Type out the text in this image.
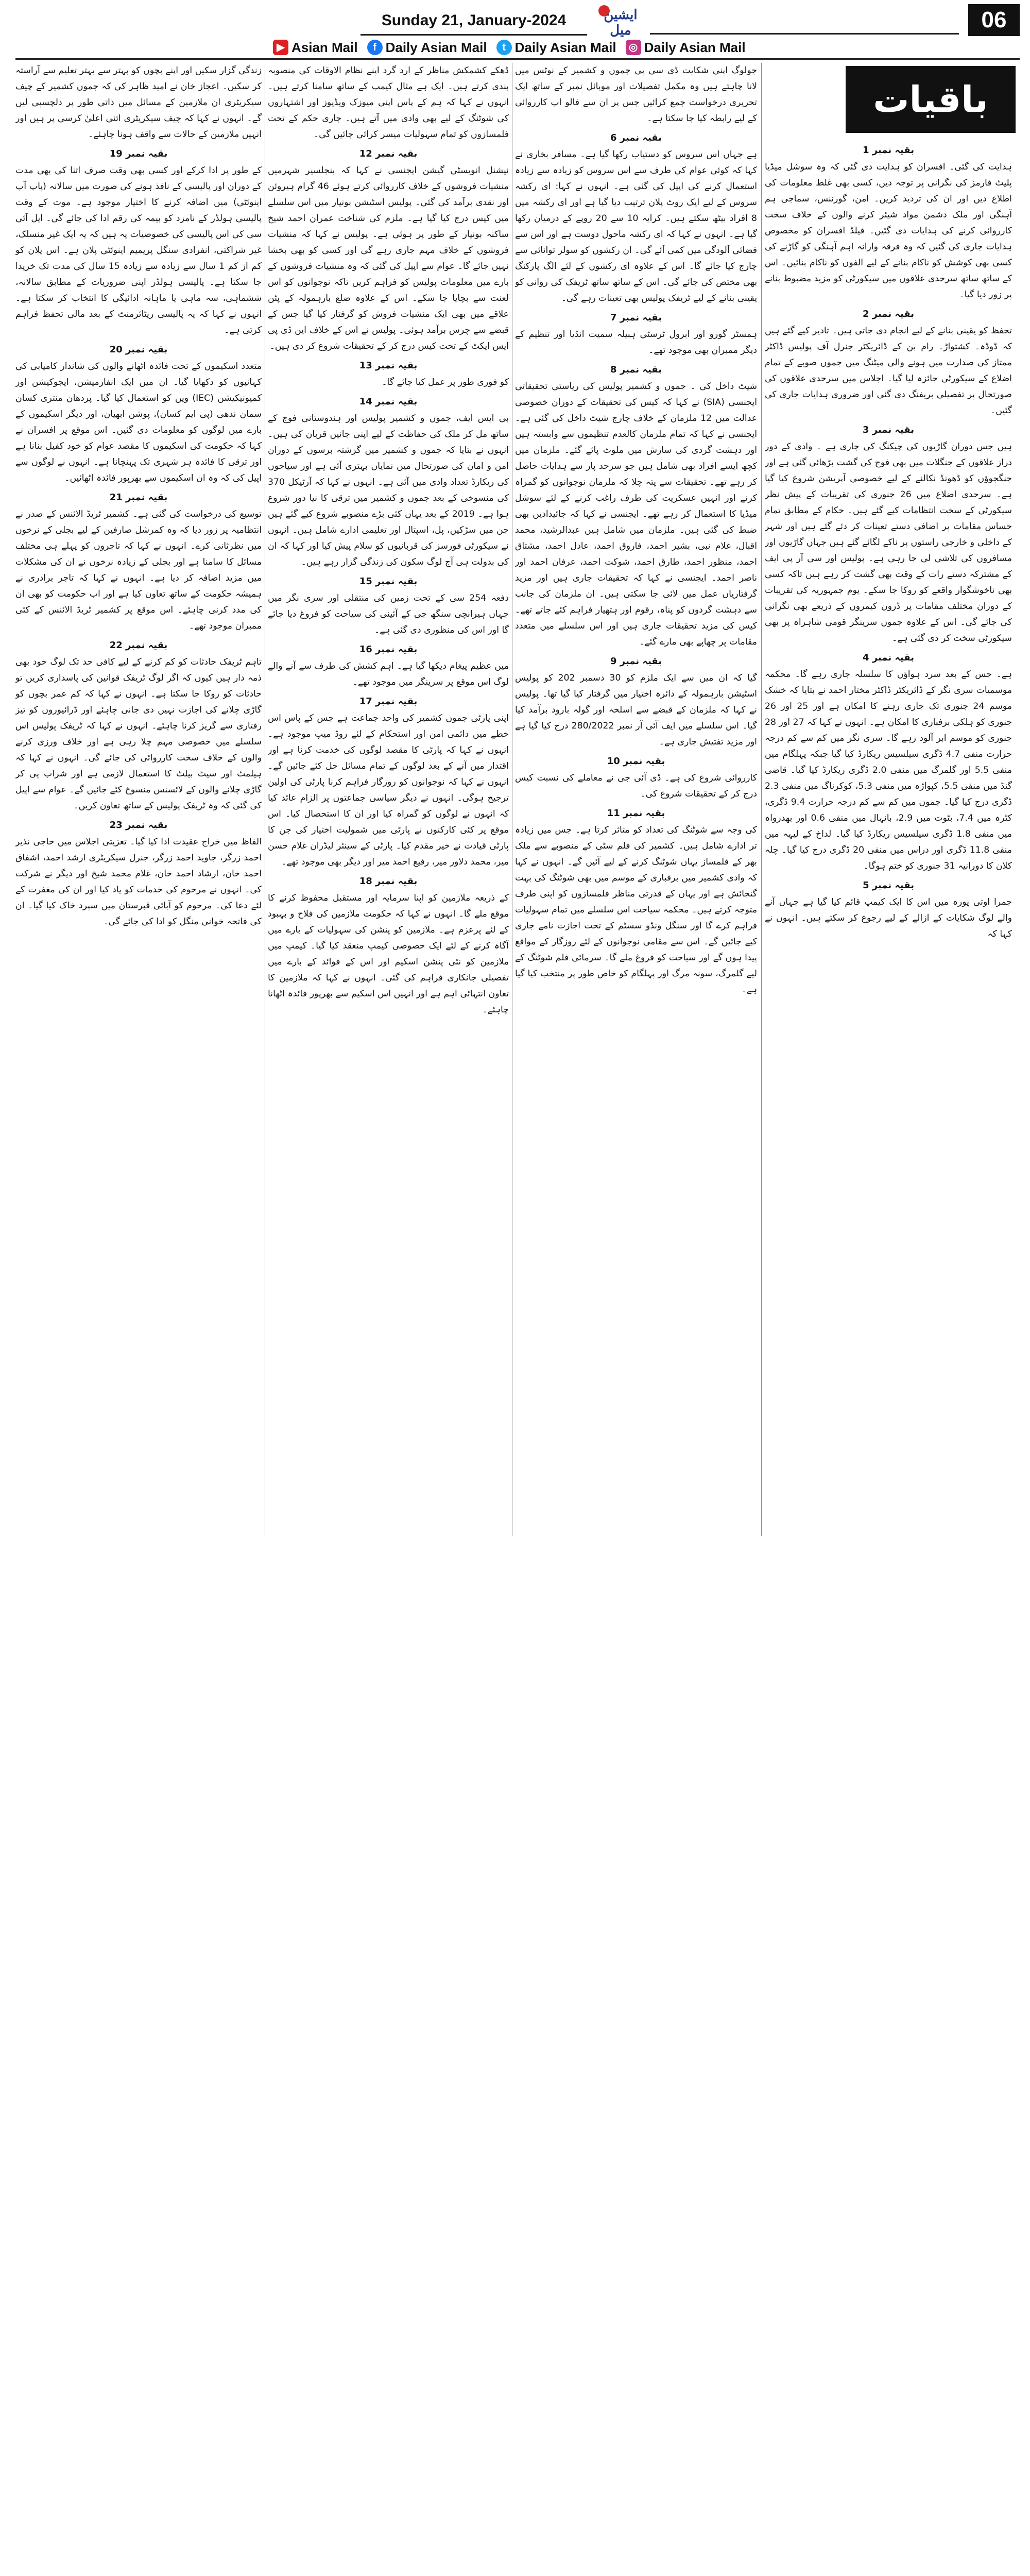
Sunday 21, January-2024	ایشین میل	06
▶ Asian Mail	f Daily Asian Mail	t Daily Asian Mail	◎ Daily Asian Mail
باقیات
بقیہ نمبر 1

ہدایت کی گئی۔ افسران کو ہدایت دی گئی کہ وہ سوشل میڈیا پلیٹ فارمز کی نگرانی پر توجہ دیں، کسی بھی غلط معلومات کی اطلاع دیں اور ان کی تردید کریں۔ امن، گورننس، سماجی ہم آہنگی اور ملک دشمن مواد شیئر کرنے والوں کے خلاف سخت کارروائی کرنے کی ہدایات دی گئیں۔ فیلڈ افسران کو مخصوص ہدایات جاری کی گئیں کہ وہ فرقہ وارانہ اہم آہنگی کو گاڑنے کی کسی بھی کوشش کو ناکام بنانے کے لیے الفوں کو ناکام بنائیں۔ اس کے ساتھ ساتھ سرحدی علاقوں میں سیکورٹی کو مزید مضبوط بنانے پر زور دیا گیا۔

بقیہ نمبر 2

تحفظ کو یقینی بنانے کے لیے انجام دی جاتی ہیں۔ تادیر کیے گئے ہیں کہ ڈوڈہ۔ کشتواڑ۔ رام بن کے ڈائریکٹر جنرل آف پولیس ڈاکٹر ممتاز کی صدارت میں ہونے والی میٹنگ میں جموں صوبے کے تمام اضلاع کے سیکورٹی جائزہ لیا گیا۔ اجلاس میں سرحدی علاقوں کی صورتحال پر تفصیلی بریفنگ دی گئی اور ضروری ہدایات جاری کی گئیں۔

بقیہ نمبر 3

ہیں جس دوران گاڑیوں کی چیکنگ کی جاری ہے ۔ وادی کے دور دراز علاقوں کے جنگلات میں بھی فوج کی گشت بڑھائی گئی ہے اور جنگجوؤں کو ڈھونڈ نکالنے کے لیے خصوصی آپریشن شروع کیا گیا ہے۔ سرحدی اضلاع میں 26 جنوری کی تقریبات کے پیش نظر سیکورٹی کے سخت انتظامات کیے گئے ہیں۔ حکام کے مطابق تمام حساس مقامات پر اضافی دستے تعینات کر دئے گئے ہیں اور شہر کے داخلی و خارجی راستوں پر ناکے لگائے گئے ہیں جہاں گاڑیوں اور مسافروں کی تلاشی لی جا رہی ہے۔ پولیس اور سی آر پی ایف کے مشترکہ دستے رات کے وقت بھی گشت کر رہے ہیں تاکہ کسی بھی ناخوشگوار واقعے کو روکا جا سکے۔ یوم جمہوریہ کی تقریبات کے دوران مختلف مقامات پر ڈرون کیمروں کے ذریعے بھی نگرانی کی جائے گی۔ اس کے علاوہ جموں سرینگر قومی شاہراہ پر بھی سیکورٹی سخت کر دی گئی ہے۔

بقیہ نمبر 4

ہے۔ جس کے بعد سرد ہواؤں کا سلسلہ جاری رہے گا۔ محکمہ موسمیات سری نگر کے ڈائریکٹر ڈاکٹر مختار احمد نے بتایا کہ خشک موسم 24 جنوری تک جاری رہنے کا امکان ہے اور 25 اور 26 جنوری کو ہلکی برفباری کا امکان ہے۔ انہوں نے کہا کہ 27 اور 28 جنوری کو موسم ابر آلود رہے گا۔ سری نگر میں کم سے کم درجہ حرارت منفی 4.7 ڈگری سیلسیس ریکارڈ کیا گیا جبکہ پہلگام میں منفی 5.5 اور گلمرگ میں منفی 2.0 ڈگری ریکارڈ کیا گیا۔ قاضی گنڈ میں منفی 5.5، کپواڑہ میں منفی 5.3، کوکرناگ میں منفی 2.3 ڈگری درج کیا گیا۔ جموں میں کم سے کم درجہ حرارت 9.4 ڈگری، کٹرہ میں 7.4، بٹوت میں 2.9، بانہال میں منفی 0.6 اور بھدرواہ میں منفی 1.8 ڈگری سیلسیس ریکارڈ کیا گیا۔ لداخ کے لیہہ میں منفی 11.8 ڈگری اور دراس میں منفی 20 ڈگری درج کیا گیا۔ چلہ کلان کا دورانیہ 31 جنوری کو ختم ہوگا۔

بقیہ نمبر 5

جمرا اوتی پورہ میں اس کا ایک کیمپ قائم کیا گیا ہے جہاں آنے والے لوگ شکایات کے ازالے کے لیے رجوع کر سکتے ہیں۔ انہوں نے کہا کہ

جولوگ اپنی شکایت ڈی سی پی جموں و کشمیر کے نوٹس میں لانا چاہتے ہیں وہ مکمل تفصیلات اور موبائل نمبر کے ساتھ ایک تحریری درخواست جمع کرائیں جس پر ان سے فالو اپ کارروائی کے لیے رابطہ کیا جا سکتا ہے۔

بقیہ نمبر 6

ہے جہاں اس سروس کو دستیاب رکھا گیا ہے۔ مسافر بخاری نے کہا کہ کوئی عوام کی طرف سے اس سروس کو زیادہ سے زیادہ استعمال کرنے کی اپیل کی گئی ہے۔ انہوں نے کہا: ای رکشہ سروس کے لیے ایک روٹ پلان ترتیب دیا گیا ہے اور ای رکشہ میں 8 افراد بیٹھ سکتے ہیں۔ کرایہ 10 سے 20 روپے کے درمیان رکھا گیا ہے۔ انہوں نے کہا کہ ای رکشہ ماحول دوست ہے اور اس سے فضائی آلودگی میں کمی آئے گی۔ ان رکشوں کو سولر توانائی سے چارج کیا جائے گا۔ اس کے علاوہ ای رکشوں کے لئے الگ پارکنگ بھی مختص کی جائے گی۔ اس کے ساتھ ساتھ ٹریفک کی روانی کو یقینی بنانے کے لیے ٹریفک پولیس بھی تعینات رہے گی۔

بقیہ نمبر 7

ہمسٹر گورو اور ابرول ٹرسٹی ہبیلہ سمیت انڈیا اور تنظیم کے دیگر ممبران بھی موجود تھے۔

بقیہ نمبر 8

شیٹ داخل کی ۔ جموں و کشمیر پولیس کی ریاستی تحقیقاتی ایجنسی (SIA) نے کہا کہ کیس کی تحقیقات کے دوران خصوصی عدالت میں 12 ملزمان کے خلاف چارج شیٹ داخل کی گئی ہے۔ ایجنسی نے کہا کہ تمام ملزمان کالعدم تنظیموں سے وابستہ ہیں اور دہشت گردی کی سازش میں ملوث پائے گئے۔ ملزمان میں کچھ ایسے افراد بھی شامل ہیں جو سرحد پار سے ہدایات حاصل کر رہے تھے۔ تحقیقات سے پتہ چلا کہ ملزمان نوجوانوں کو گمراہ کرنے اور انہیں عسکریت کی طرف راغب کرنے کے لئے سوشل میڈیا کا استعمال کر رہے تھے۔ ایجنسی نے کہا کہ جائیدادیں بھی ضبط کی گئی ہیں۔ ملزمان میں شامل ہیں عبدالرشید، محمد اقبال، غلام نبی، بشیر احمد، فاروق احمد، عادل احمد، مشتاق احمد، منظور احمد، طارق احمد، شوکت احمد، عرفان احمد اور ناصر احمد۔ ایجنسی نے کہا کہ تحقیقات جاری ہیں اور مزید گرفتاریاں عمل میں لائی جا سکتی ہیں۔ ان ملزمان کی جانب سے دہشت گردوں کو پناہ، رقوم اور ہتھیار فراہم کئے جاتے تھے۔ کیس کی مزید تحقیقات جاری ہیں اور اس سلسلے میں متعدد مقامات پر چھاپے بھی مارے گئے۔

بقیہ نمبر 9

گیا کہ ان میں سے ایک ملزم کو 30 دسمبر 202 کو پولیس اسٹیشن بارہمولہ کے دائرہ اختیار میں گرفتار کیا گیا تھا۔ پولیس نے کہا کہ ملزمان کے قبضے سے اسلحہ اور گولہ بارود برآمد کیا گیا۔ اس سلسلے میں ایف آئی آر نمبر 280/2022 درج کیا گیا ہے اور مزید تفتیش جاری ہے۔

بقیہ نمبر 10

کارروائی شروع کی ہے۔ ڈی آئی جی نے معاملے کی نسبت کیس درج کر کے تحقیقات شروع کی۔

بقیہ نمبر 11

کی وجہ سے شوٹنگ کی تعداد کو متاثر کرتا ہے۔ جس میں زیادہ تر ادارے شامل ہیں۔ کشمیر کی فلم سٹی کے منصوبے سے ملک بھر کے فلمساز یہاں شوٹنگ کرنے کے لیے آئیں گے۔ انہوں نے کہا کہ وادی کشمیر میں برفباری کے موسم میں بھی شوٹنگ کی بہت گنجائش ہے اور یہاں کے قدرتی مناظر فلمسازوں کو اپنی طرف متوجہ کرتے ہیں۔ محکمہ سیاحت اس سلسلے میں تمام سہولیات فراہم کرے گا اور سنگل ونڈو سسٹم کے تحت اجازت نامے جاری کیے جائیں گے۔ اس سے مقامی نوجوانوں کے لئے روزگار کے مواقع پیدا ہوں گے اور سیاحت کو فروغ ملے گا۔ سرمائی فلم شوٹنگ کے لیے گلمرگ، سونہ مرگ اور پہلگام کو خاص طور پر منتخب کیا گیا ہے۔

ڈھکے کشمکش مناظر کے ارد گرد اپنے نظام الاوقات کی منصوبہ بندی کرتے ہیں۔ ایک ہے مثال کیمپ کے ساتھ سامنا کرتے ہیں۔ انہوں نے کہا کہ ہم کے پاس اپنی میوزک ویڈیوز اور اشتہاروں کی شوٹنگ کے لیے بھی وادی میں آتے ہیں۔ جاری حکم کے تحت فلمسازوں کو تمام سہولیات میسر کرائی جائیں گی۔

بقیہ نمبر 12

نیشنل انویسٹی گیشن ایجنسی نے کہا کہ بنجلسیر شہرمیں منشیات فروشوں کے خلاف کارروائی کرتے ہوئے 46 گرام ہیروئن اور نقدی برآمد کی گئی۔ پولیس اسٹیشن بونیار میں اس سلسلے میں کیس درج کیا گیا ہے۔ ملزم کی شناخت عمران احمد شیخ ساکنہ بونیار کے طور پر ہوئی ہے۔ پولیس نے کہا کہ منشیات فروشوں کے خلاف مہم جاری رہے گی اور کسی کو بھی بخشا نہیں جائے گا۔ عوام سے اپیل کی گئی کہ وہ منشیات فروشوں کے بارے میں معلومات پولیس کو فراہم کریں تاکہ نوجوانوں کو اس لعنت سے بچایا جا سکے۔ اس کے علاوہ ضلع بارہمولہ کے پٹن علاقے میں بھی ایک منشیات فروش کو گرفتار کیا گیا جس کے قبضے سے چرس برآمد ہوئی۔ پولیس نے اس کے خلاف این ڈی پی ایس ایکٹ کے تحت کیس درج کر کے تحقیقات شروع کر دی ہیں۔

بقیہ نمبر 13

کو فوری طور پر عمل کیا جائے گا۔

بقیہ نمبر 14

بی ایس ایف، جموں و کشمیر پولیس اور ہندوستانی فوج کے ساتھ مل کر ملک کی حفاظت کے لیے اپنی جانیں قربان کی ہیں۔ انہوں نے بتایا کہ جموں و کشمیر میں گزشتہ برسوں کے دوران امن و امان کی صورتحال میں نمایاں بہتری آئی ہے اور سیاحوں کی ریکارڈ تعداد وادی میں آئی ہے۔ انہوں نے کہا کہ آرٹیکل 370 کی منسوخی کے بعد جموں و کشمیر میں ترقی کا نیا دور شروع ہوا ہے۔ 2019 کے بعد یہاں کئی بڑے منصوبے شروع کیے گئے ہیں جن میں سڑکیں، پل، اسپتال اور تعلیمی ادارے شامل ہیں۔ انہوں نے سیکورٹی فورسز کی قربانیوں کو سلام پیش کیا اور کہا کہ ان کی بدولت ہی آج لوگ سکون کی زندگی گزار رہے ہیں۔

بقیہ نمبر 15

دفعہ 254 سی کے تحت زمین کی منتقلی اور سری نگر میں جہاں ہیرانچی سنگھ جی کے آئینی کی سیاحت کو فروغ دیا جائے گا اور اس کی منظوری دی گئی ہے۔

بقیہ نمبر 16

میں عظیم پیغام دیکھا گیا ہے۔ اہم کشش کی طرف سے آنے والے لوگ اس موقع پر سرینگر میں موجود تھے۔

بقیہ نمبر 17

اپنی پارٹی جموں کشمیر کی واحد جماعت ہے جس کے پاس اس خطے میں دائمی امن اور استحکام کے لئے روڈ میپ موجود ہے۔ انہوں نے کہا کہ پارٹی کا مقصد لوگوں کی خدمت کرنا ہے اور اقتدار میں آنے کے بعد لوگوں کے تمام مسائل حل کئے جائیں گے۔ انہوں نے کہا کہ نوجوانوں کو روزگار فراہم کرنا پارٹی کی اولین ترجیح ہوگی۔ انہوں نے دیگر سیاسی جماعتوں پر الزام عائد کیا کہ انہوں نے لوگوں کو گمراہ کیا اور ان کا استحصال کیا۔ اس موقع پر کئی کارکنوں نے پارٹی میں شمولیت اختیار کی جن کا پارٹی قیادت نے خیر مقدم کیا۔ پارٹی کے سینئر لیڈران غلام حسن میر، محمد دلاور میر، رفیع احمد میر اور دیگر بھی موجود تھے۔

بقیہ نمبر 18

کے ذریعہ ملازمین کو اپنا سرمایہ اور مستقبل محفوظ کرنے کا موقع ملے گا۔ انہوں نے کہا کہ حکومت ملازمین کی فلاح و بہبود کے لئے پرعزم ہے۔ ملازمین کو پنشن کی سہولیات کے بارے میں آگاہ کرنے کے لئے ایک خصوصی کیمپ منعقد کیا گیا۔ کیمپ میں ملازمین کو نئی پنشن اسکیم اور اس کے فوائد کے بارے میں تفصیلی جانکاری فراہم کی گئی۔ انہوں نے کہا کہ ملازمین کا تعاون انتہائی اہم ہے اور انہیں اس اسکیم سے بھرپور فائدہ اٹھانا چاہئے۔

زندگی گزار سکیں اور اپنے بچوں کو بہتر سے بہتر تعلیم سے آراستہ کر سکیں۔ اعجاز خان نے امید ظاہر کی کہ جموں کشمیر کے چیف سیکریٹری ان ملازمین کے مسائل میں ذاتی طور پر دلچسپی لیں گے۔ انہوں نے کہا کہ چیف سیکریٹری اتنی اعلیٰ کرسی پر ہیں اور انہیں ملازمین کے حالات سے واقف ہونا چاہئے۔

بقیہ نمبر 19

کے طور پر ادا کرکے اور کسی بھی وقت صرف اتنا کی بھی مدت کے دوران اور پالیسی کے نافذ ہونے کی صورت میں سالانہ (پاپ آپ اینوئٹی) میں اضافہ کرنے کا اختیار موجود ہے۔ موت کے وقت پالیسی ہولڈر کے نامزد کو بیمہ کی رقم ادا کی جائے گی۔ ایل آئی سی کی اس پالیسی کی خصوصیات یہ ہیں کہ یہ ایک غیر منسلک، غیر شراکتی، انفرادی سنگل پریمیم اینوئٹی پلان ہے۔ اس پلان کو کم از کم 1 سال سے زیادہ سے زیادہ 15 سال کی مدت تک خریدا جا سکتا ہے۔ پالیسی ہولڈر اپنی ضروریات کے مطابق سالانہ، ششماہی، سہ ماہی یا ماہانہ ادائیگی کا انتخاب کر سکتا ہے۔ انہوں نے کہا کہ یہ پالیسی ریٹائرمنٹ کے بعد مالی تحفظ فراہم کرتی ہے۔

بقیہ نمبر 20

متعدد اسکیموں کے تحت فائدہ اٹھانے والوں کی شاندار کامیابی کی کہانیوں کو دکھایا گیا۔ ان میں ایک انفارمیشن، ایجوکیشن اور کمیونیکیشن (IEC) وین کو استعمال کیا گیا۔ پردھان منتری کسان سمان ندھی (پی ایم کسان)، پوشن ابھیان، اور دیگر اسکیموں کے بارے میں لوگوں کو معلومات دی گئیں۔ اس موقع پر افسران نے کہا کہ حکومت کی اسکیموں کا مقصد عوام کو خود کفیل بنانا ہے اور ترقی کا فائدہ ہر شہری تک پہنچانا ہے۔ انہوں نے لوگوں سے اپیل کی کہ وہ ان اسکیموں سے بھرپور فائدہ اٹھائیں۔

بقیہ نمبر 21

توسیع کی درخواست کی گئی ہے۔ کشمیر ٹریڈ الائنس کے صدر نے انتظامیہ پر زور دیا کہ وہ کمرشل صارفین کے لیے بجلی کے نرخوں میں نظرثانی کرے۔ انہوں نے کہا کہ تاجروں کو پہلے ہی مختلف مسائل کا سامنا ہے اور بجلی کے زیادہ نرخوں نے ان کی مشکلات میں مزید اضافہ کر دیا ہے۔ انہوں نے کہا کہ تاجر برادری نے ہمیشہ حکومت کے ساتھ تعاون کیا ہے اور اب حکومت کو بھی ان کی مدد کرنی چاہئے۔ اس موقع پر کشمیر ٹریڈ الائنس کے کئی ممبران موجود تھے۔

بقیہ نمبر 22

تاہم ٹریفک حادثات کو کم کرنے کے لیے کافی حد تک لوگ خود بھی ذمہ دار ہیں کیوں کہ اگر لوگ ٹریفک قوانین کی پاسداری کریں تو حادثات کو روکا جا سکتا ہے۔ انہوں نے کہا کہ کم عمر بچوں کو گاڑی چلانے کی اجازت نہیں دی جانی چاہئے اور ڈرائیوروں کو تیز رفتاری سے گریز کرنا چاہئے۔ انہوں نے کہا کہ ٹریفک پولیس اس سلسلے میں خصوصی مہم چلا رہی ہے اور خلاف ورزی کرنے والوں کے خلاف سخت کارروائی کی جائے گی۔ انہوں نے کہا کہ ہیلمٹ اور سیٹ بیلٹ کا استعمال لازمی ہے اور شراب پی کر گاڑی چلانے والوں کے لائسنس منسوخ کئے جائیں گے۔ عوام سے اپیل کی گئی کہ وہ ٹریفک پولیس کے ساتھ تعاون کریں۔

بقیہ نمبر 23

الفاظ میں خراج عقیدت ادا کیا گیا۔ تعزیتی اجلاس میں حاجی نذیر احمد زرگر، جاوید احمد زرگر، جنرل سیکریٹری ارشد احمد، اشفاق احمد خان، ارشاد احمد خان، غلام محمد شیخ اور دیگر نے شرکت کی۔ انہوں نے مرحوم کی خدمات کو یاد کیا اور ان کی مغفرت کے لئے دعا کی۔ مرحوم کو آبائی قبرستان میں سپرد خاک کیا گیا۔ ان کی فاتحہ خوانی منگل کو ادا کی جائے گی۔
